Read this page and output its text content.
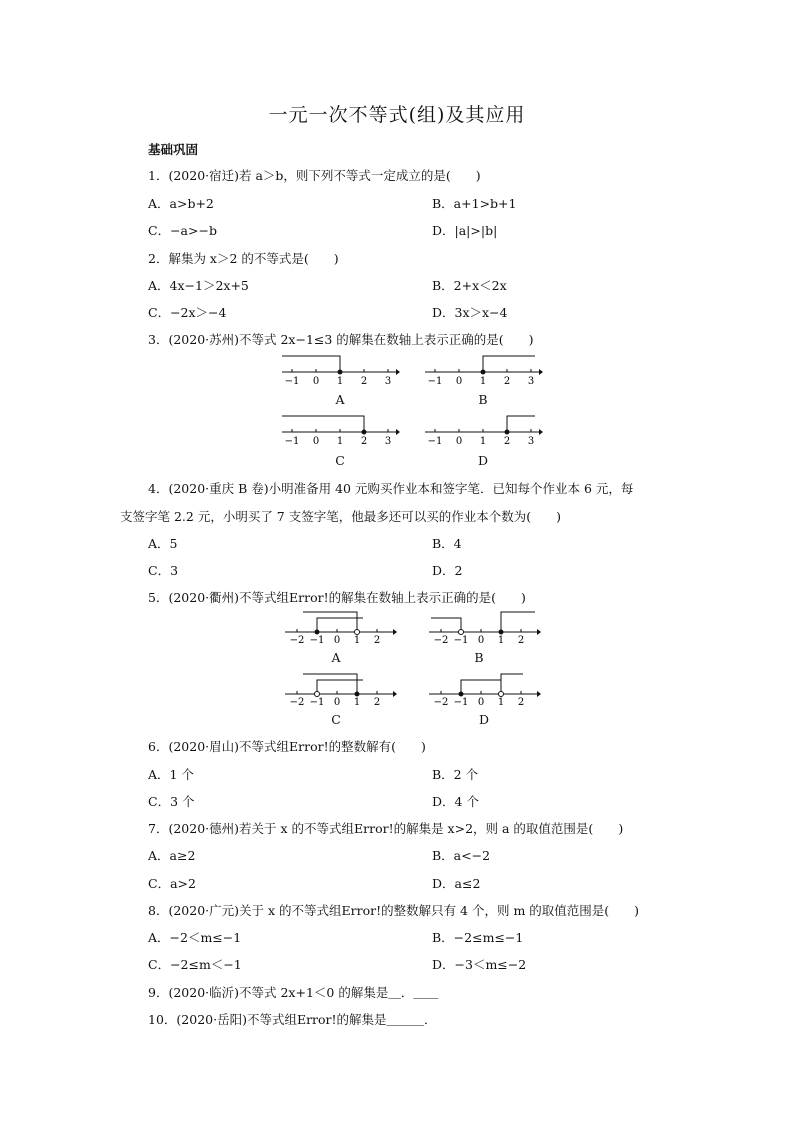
一元一次不等式(组)及其应用
基础巩固
1．(2020·宿迁)若 a＞b，则下列不等式一定成立的是(　　)
A．a>b+2	B．a+1>b+1
C．−a>−b	D．|a|>|b|
2．解集为 x＞2 的不等式是(　　)
A．4x−1＞2x+5	B．2+x＜2x
C．−2x＞−4	D．3x＞x−4
3．(2020·苏州)不等式 2x−1≤3 的解集在数轴上表示正确的是(　　)
−1 0 1 2 3
A
−1 0 1 2 3
B
−1 0 1 2 3
C
−1 0 1 2 3
D
4．(2020·重庆 B 卷)小明准备用 40 元购买作业本和签字笔．已知每个作业本 6 元，每
支签字笔 2.2 元，小明买了 7 支签字笔，他最多还可以买的作业本个数为(　　)
A．5	B．4
C．3	D．2
5．(2020·衢州)不等式组Error!的解集在数轴上表示正确的是(　　)
−2 −1 0 1 2
A
−2 −1 0 1 2
B
−2 −1 0 1 2
C
−2 −1 0 1 2
D
6．(2020·眉山)不等式组Error!的整数解有(　　)
A．1 个	B．2 个
C．3 个	D．4 个
7．(2020·德州)若关于 x 的不等式组Error!的解集是 x>2，则 a 的取值范围是(　　)
A．a≥2	B．a<−2
C．a>2	D．a≤2
8．(2020·广元)关于 x 的不等式组Error!的整数解只有 4 个，则 m 的取值范围是(　　)
A．−2＜m≤−1	B．−2≤m≤−1
C．−2≤m＜−1	D．−3＜m≤−2
9．(2020·临沂)不等式 2x+1＜0 的解集是＿．＿＿
10．(2020·岳阳)不等式组Error!的解集是＿＿＿．
